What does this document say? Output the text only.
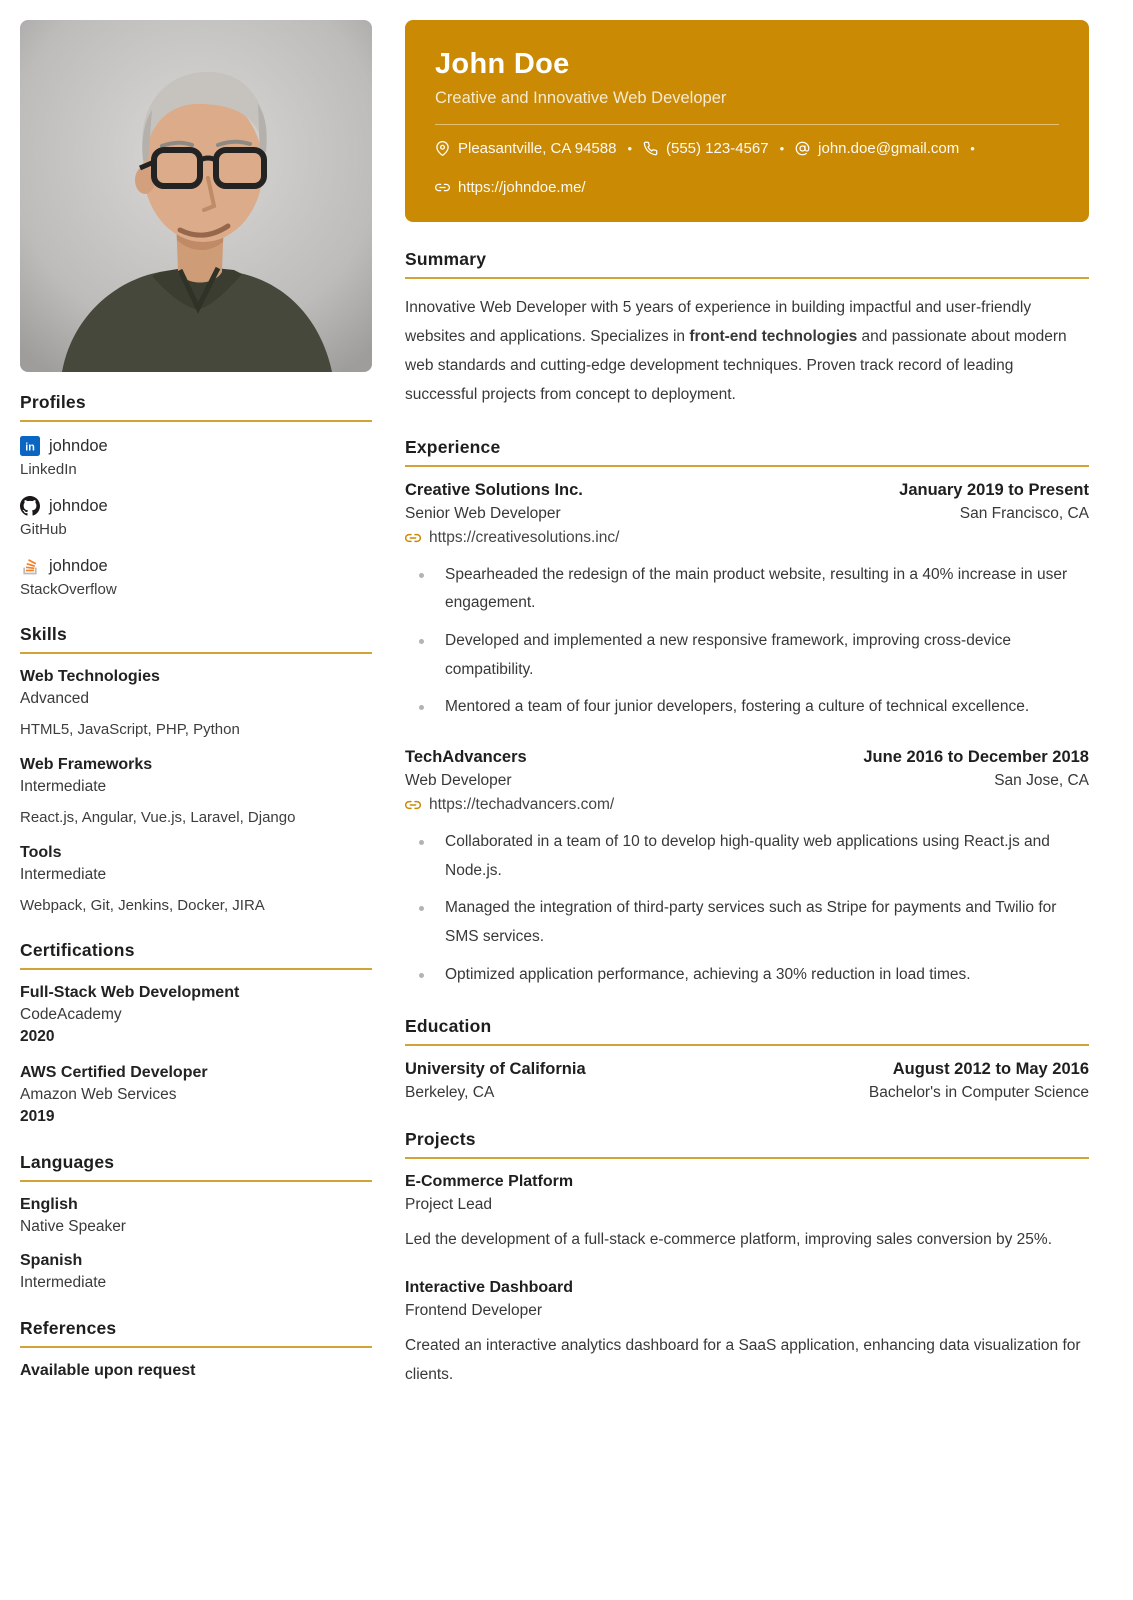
Profiles
in johndoe
LinkedIn
johndoe
GitHub
johndoe
StackOverflow
Skills
Web Technologies
Advanced
HTML5, JavaScript, PHP, Python
Web Frameworks
Intermediate
React.js, Angular, Vue.js, Laravel, Django
Tools
Intermediate
Webpack, Git, Jenkins, Docker, JIRA
Certifications
Full-Stack Web Development
CodeAcademy
2020
AWS Certified Developer
Amazon Web Services
2019
Languages
English
Native Speaker
Spanish
Intermediate
References
Available upon request
John Doe
Creative and Innovative Web Developer
Pleasantville, CA 94588 • (555) 123-4567 • john.doe@gmail.com •
https://johndoe.me/
Summary

Innovative Web Developer with 5 years of experience in building impactful and user-friendly websites and applications. Specializes in front-end technologies and passionate about modern web standards and cutting-edge development techniques. Proven track record of leading successful projects from concept to deployment.

Experience
Creative Solutions Inc.	January 2019 to Present
Senior Web Developer	San Francisco, CA
https://creativesolutions.inc/
Spearheaded the redesign of the main product website, resulting in a 40% increase in user engagement.
Developed and implemented a new responsive framework, improving cross-device compatibility.
Mentored a team of four junior developers, fostering a culture of technical excellence.
TechAdvancers	June 2016 to December 2018
Web Developer	San Jose, CA
https://techadvancers.com/
Collaborated in a team of 10 to develop high-quality web applications using React.js and Node.js.
Managed the integration of third-party services such as Stripe for payments and Twilio for SMS services.
Optimized application performance, achieving a 30% reduction in load times.
Education
University of California	August 2012 to May 2016
Berkeley, CA	Bachelor's in Computer Science
Projects
E-Commerce Platform
Project Lead
Led the development of a full-stack e-commerce platform, improving sales conversion by 25%.
Interactive Dashboard
Frontend Developer
Created an interactive analytics dashboard for a SaaS application, enhancing data visualization for clients.
